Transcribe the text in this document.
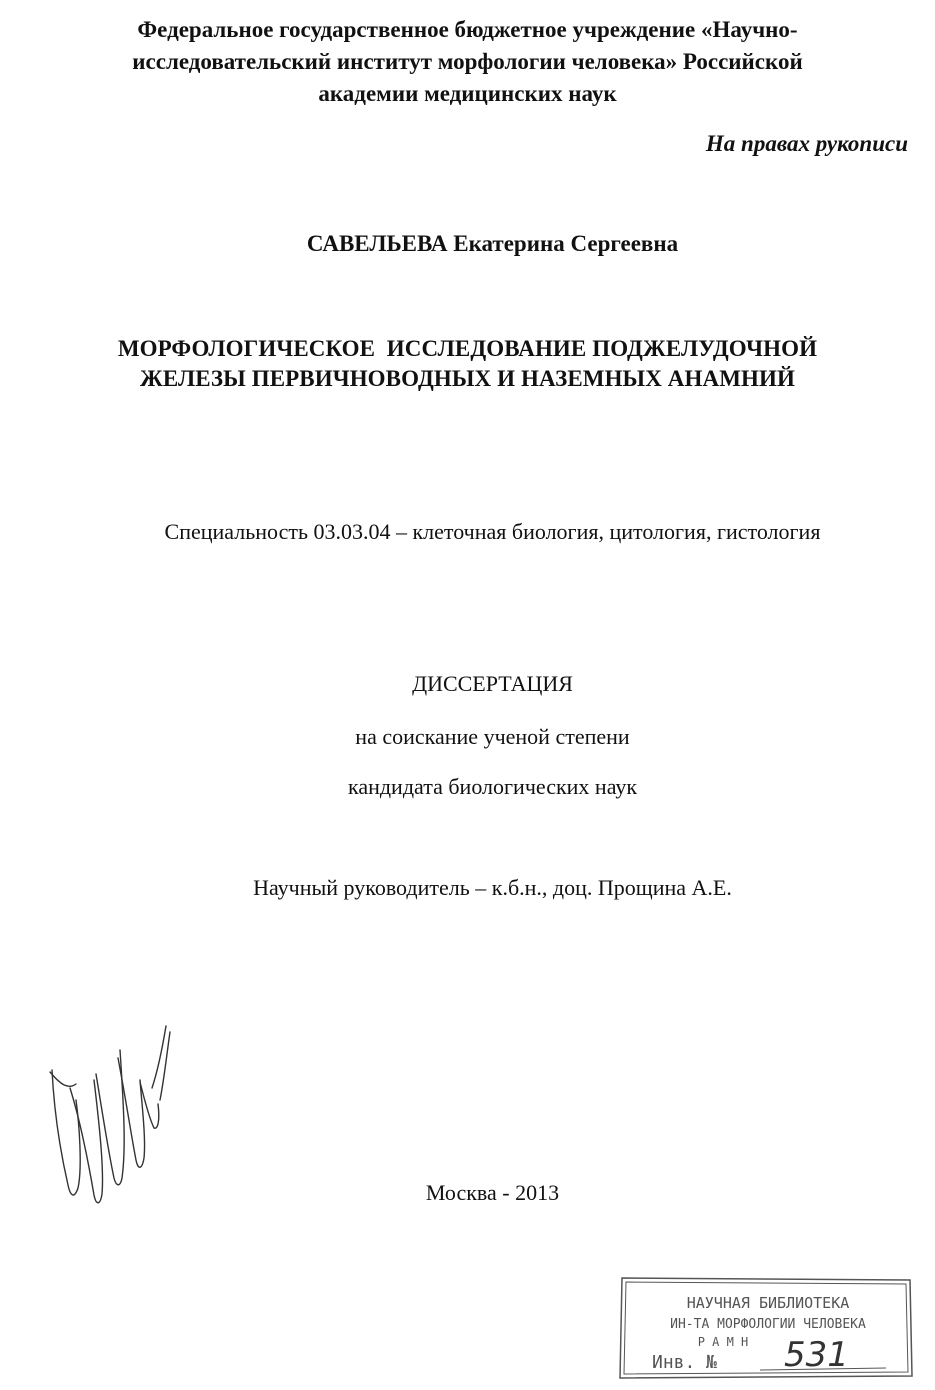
Федеральное государственное бюджетное учреждение «Научно-
исследовательский институт морфологии человека» Российской
академии медицинских наук
На правах рукописи
САВЕЛЬЕВА Екатерина Сергеевна
МОРФОЛОГИЧЕСКОЕ  ИССЛЕДОВАНИЕ ПОДЖЕЛУДОЧНОЙ
ЖЕЛЕЗЫ ПЕРВИЧНОВОДНЫХ И НАЗЕМНЫХ АНАМНИЙ
Специальность 03.03.04 – клеточная биология, цитология, гистология
ДИССЕРТАЦИЯ
на соискание ученой степени
кандидата биологических наук
Научный руководитель – к.б.н., доц. Прощина А.Е.
Москва - 2013
НАУЧНАЯ БИБЛИОТЕКА
ИН-ТА МОРФОЛОГИИ ЧЕЛОВЕКА
Р А М Н
Инв. № 531
